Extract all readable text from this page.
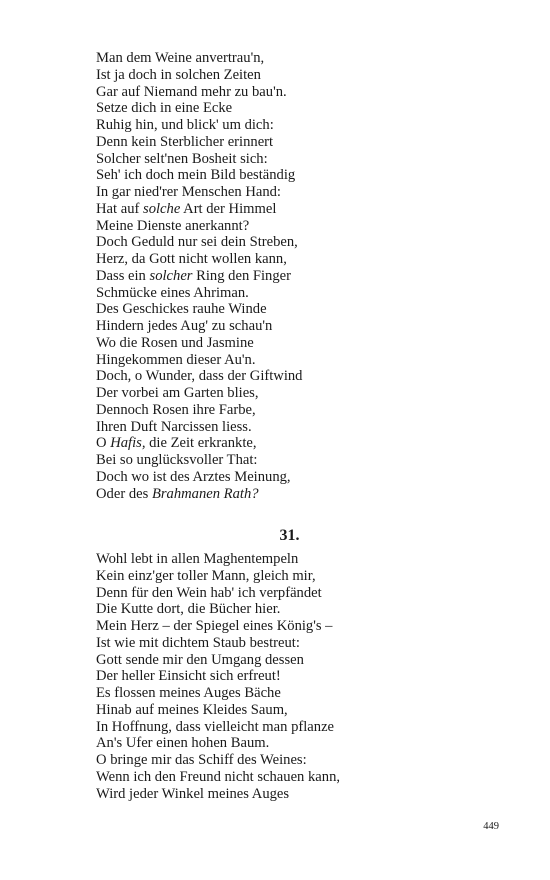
Man dem Weine anvertrau'n,
Ist ja doch in solchen Zeiten
Gar auf Niemand mehr zu bau'n.
Setze dich in eine Ecke
Ruhig hin, und blick' um dich:
Denn kein Sterblicher erinnert
Solcher selt'nen Bosheit sich:
Seh' ich doch mein Bild beständig
In gar nied'rer Menschen Hand:
Hat auf solche Art der Himmel
Meine Dienste anerkannt?
Doch Geduld nur sei dein Streben,
Herz, da Gott nicht wollen kann,
Dass ein solcher Ring den Finger
Schmücke eines Ahriman.
Des Geschickes rauhe Winde
Hindern jedes Aug' zu schau'n
Wo die Rosen und Jasmine
Hingekommen dieser Au'n.
Doch, o Wunder, dass der Giftwind
Der vorbei am Garten blies,
Dennoch Rosen ihre Farbe,
Ihren Duft Narcissen liess.
O Hafis, die Zeit erkrankte,
Bei so unglücksvoller That:
Doch wo ist des Arztes Meinung,
Oder des Brahmanen Rath?
31.
Wohl lebt in allen Maghentempeln
Kein einz'ger toller Mann, gleich mir,
Denn für den Wein hab' ich verpfändet
Die Kutte dort, die Bücher hier.
Mein Herz – der Spiegel eines König's –
Ist wie mit dichtem Staub bestreut:
Gott sende mir den Umgang dessen
Der heller Einsicht sich erfreut!
Es flossen meines Auges Bäche
Hinab auf meines Kleides Saum,
In Hoffnung, dass vielleicht man pflanze
An's Ufer einen hohen Baum.
O bringe mir das Schiff des Weines:
Wenn ich den Freund nicht schauen kann,
Wird jeder Winkel meines Auges
449
